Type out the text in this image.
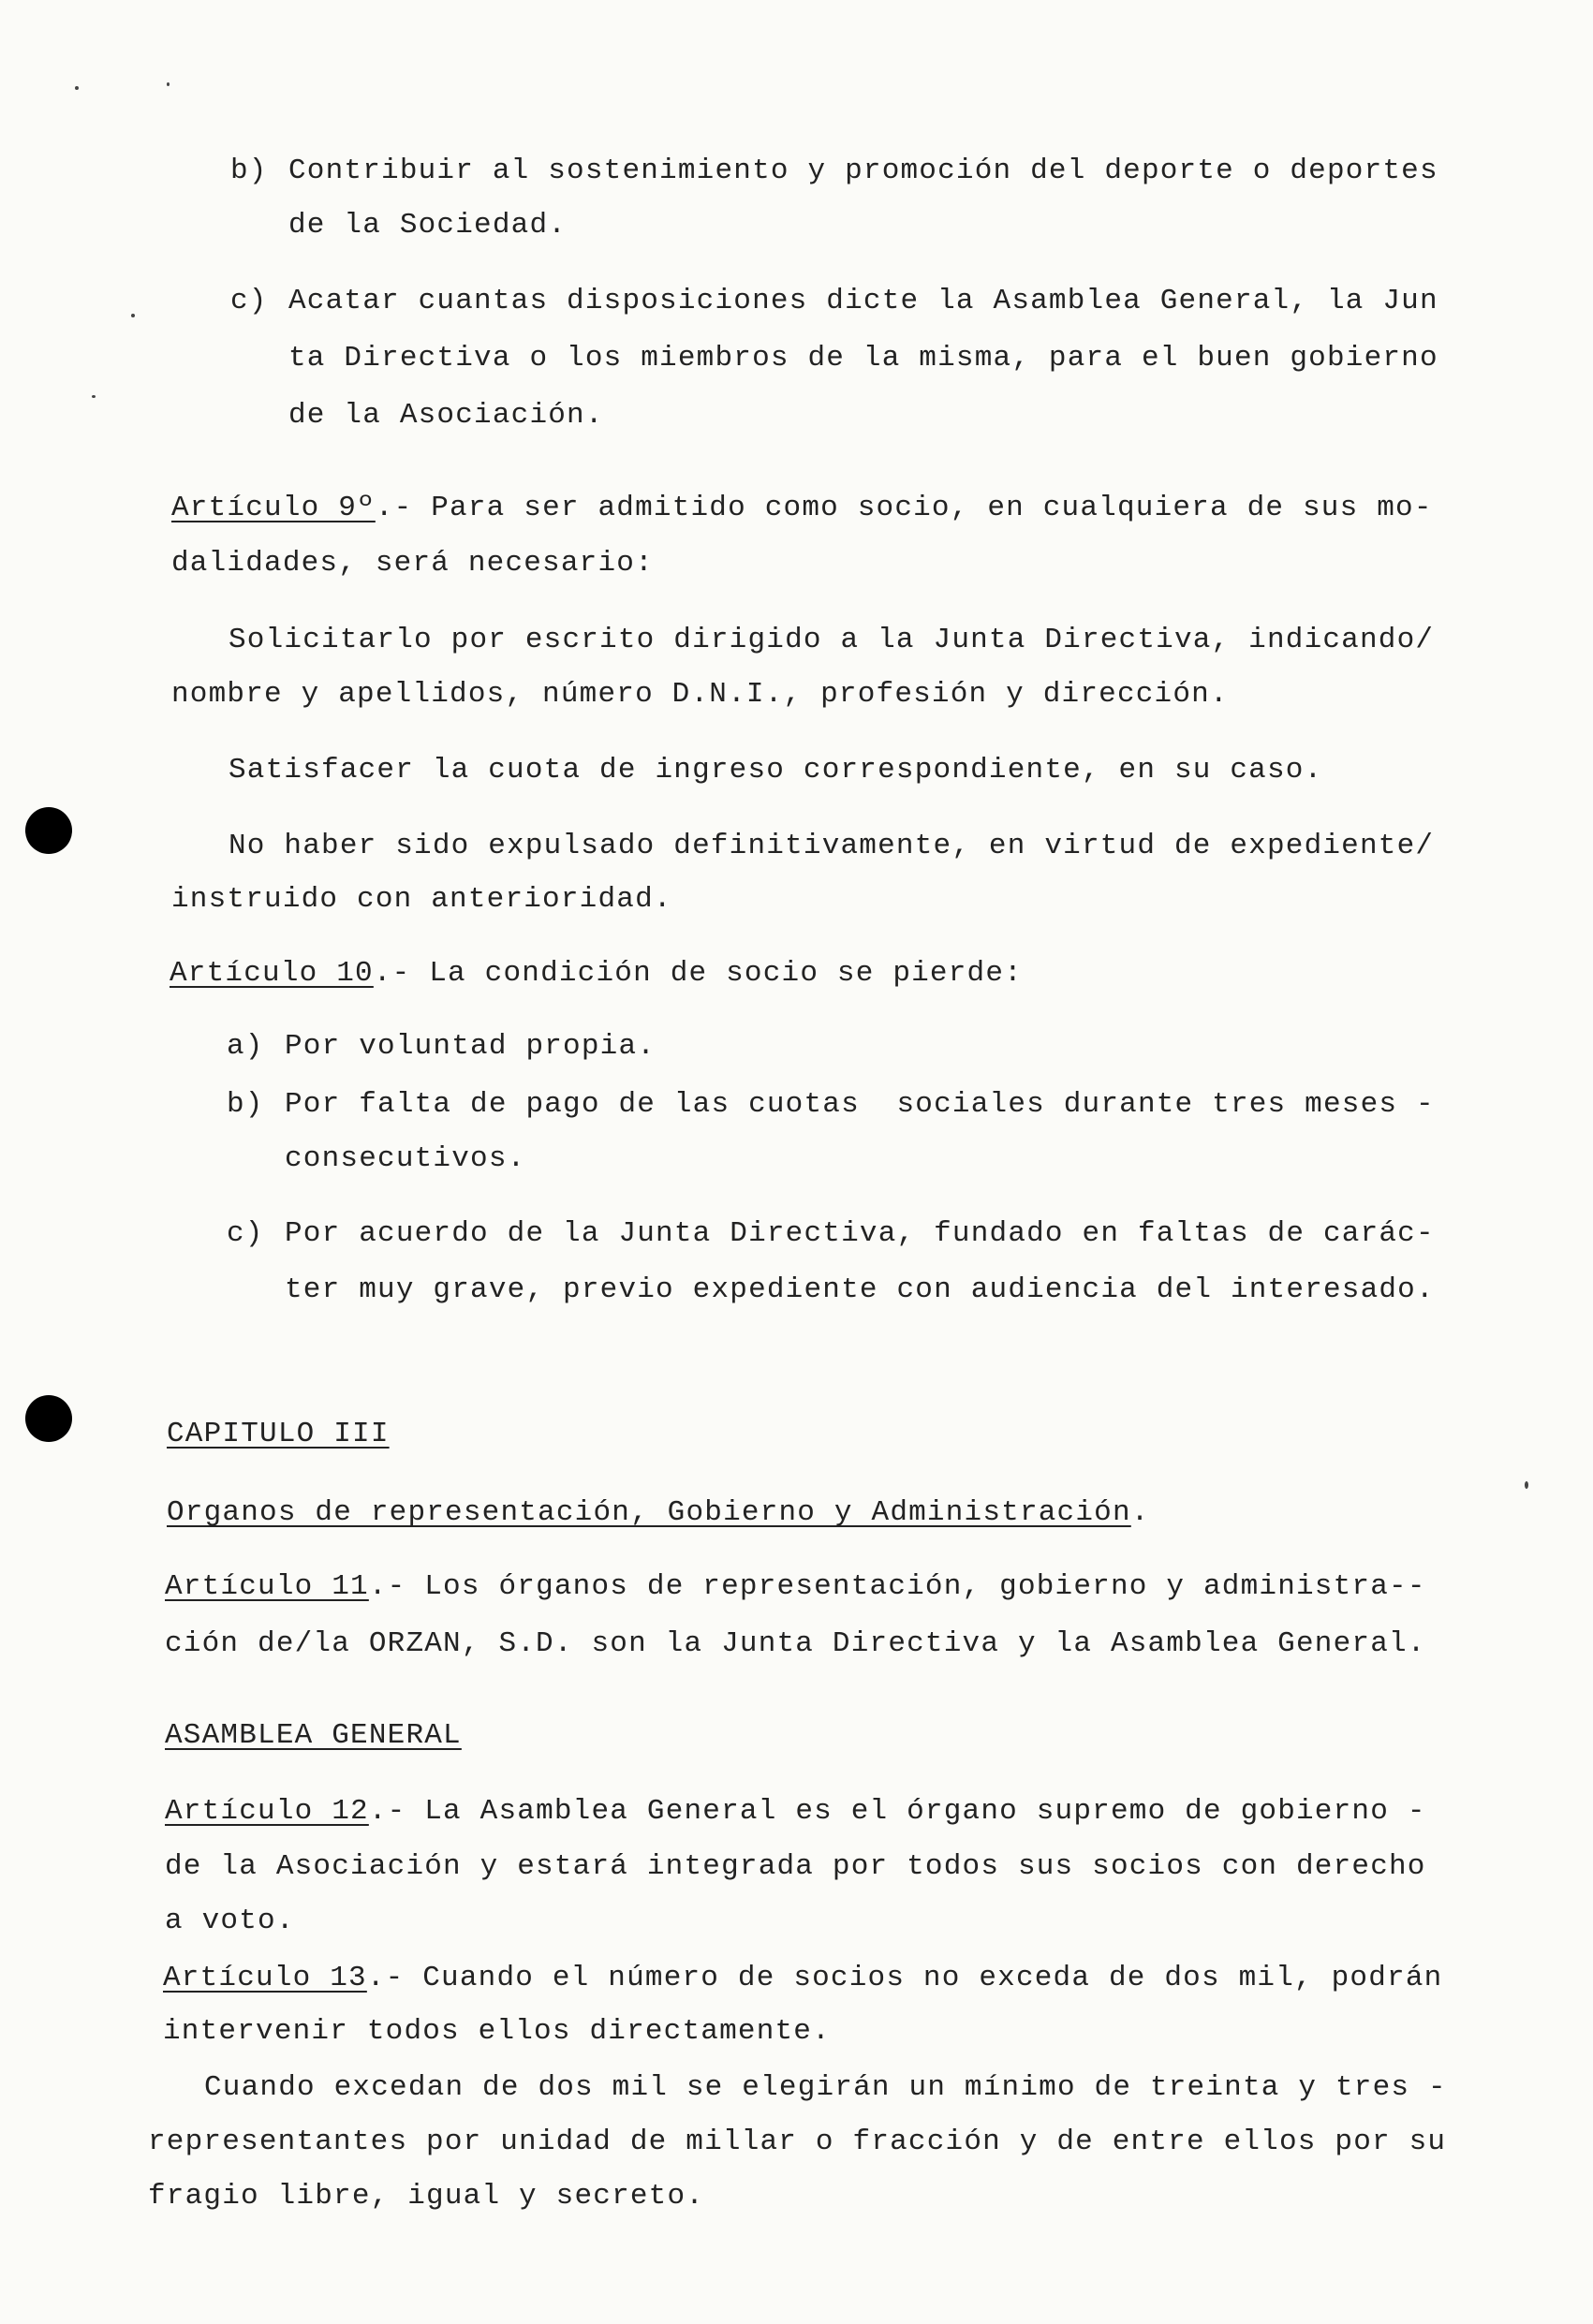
b) Contribuir al sostenimiento y promoción del deporte o deportes
de la Sociedad.
c) Acatar cuantas disposiciones dicte la Asamblea General, la Jun
ta Directiva o los miembros de la misma, para el buen gobierno
de la Asociación.
Artículo 9º.- Para ser admitido como socio, en cualquiera de sus mo-
dalidades, será necesario:
Solicitarlo por escrito dirigido a la Junta Directiva, indicando/
nombre y apellidos, número D.N.I., profesión y dirección.
Satisfacer la cuota de ingreso correspondiente, en su caso.
No haber sido expulsado definitivamente, en virtud de expediente/
instruido con anterioridad.
Artículo 10.- La condición de socio se pierde:
a) Por voluntad propia.
b) Por falta de pago de las cuotas  sociales durante tres meses -
consecutivos.
c) Por acuerdo de la Junta Directiva, fundado en faltas de carác-
ter muy grave, previo expediente con audiencia del interesado.
CAPITULO III
Organos de representación, Gobierno y Administración.
Artículo 11.- Los órganos de representación, gobierno y administra--
ción de/la ORZAN, S.D. son la Junta Directiva y la Asamblea General.
ASAMBLEA GENERAL
Artículo 12.- La Asamblea General es el órgano supremo de gobierno -
de la Asociación y estará integrada por todos sus socios con derecho
a voto.
Artículo 13.- Cuando el número de socios no exceda de dos mil, podrán
intervenir todos ellos directamente.
Cuando excedan de dos mil se elegirán un mínimo de treinta y tres -
representantes por unidad de millar o fracción y de entre ellos por su
fragio libre, igual y secreto.
